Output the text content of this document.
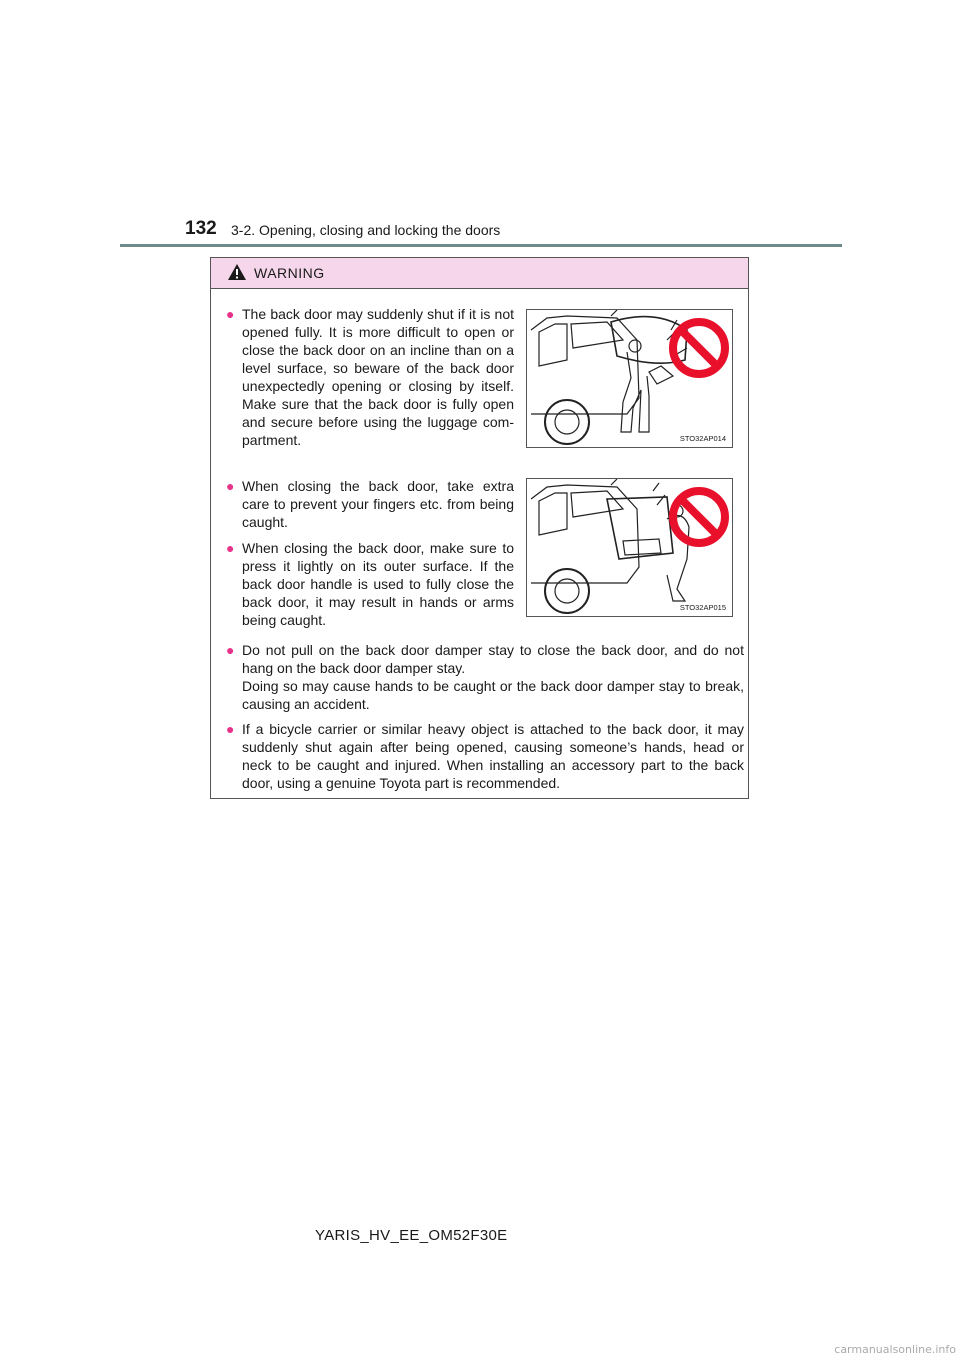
132 3-2. Opening, closing and locking the doors
WARNING
● The back door may suddenly shut if it is not opened fully. It is more difficult to open or close the back door on an incline than on a level surface, so beware of the back door unexpectedly opening or closing by itself. Make sure that the back door is fully open and secure before using the luggage com-partment.
● When closing the back door, take extra care to prevent your fingers etc. from being caught.
● When closing the back door, make sure to press it lightly on its outer surface. If the back door handle is used to fully close the back door, it may result in hands or arms being caught.
● Do not pull on the back door damper stay to close the back door, and do not hang on the back door damper stay.
Doing so may cause hands to be caught or the back door damper stay to break, causing an accident.
● If a bicycle carrier or similar heavy object is attached to the back door, it may suddenly shut again after being opened, causing someone’s hands, head or neck to be caught and injured. When installing an accessory part to the back door, using a genuine Toyota part is recommended.
STO32AP014
STO32AP015
YARIS_HV_EE_OM52F30E
carmanualsonline.info
